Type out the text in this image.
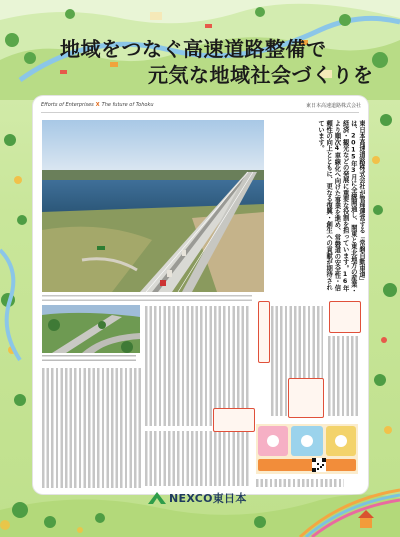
地域をつなぐ高速道路整備で
元気な地域社会づくりを
Efforts of Enterprises X The future of Tohoku	東日本高速道路株式会社
東日本高速道路株式会社が管理運営する「常磐自動車道」は、2015年3月に全線開通し、関東と東北地方の産業・経済・観光などの発展に重要な役割を担っています。16年より順次4車線化へ向けた事業を進め、常磐道の安全性・信頼性の向上とともに、更なる復興・創生への貢献が期待されています。
NEXCO東日本
